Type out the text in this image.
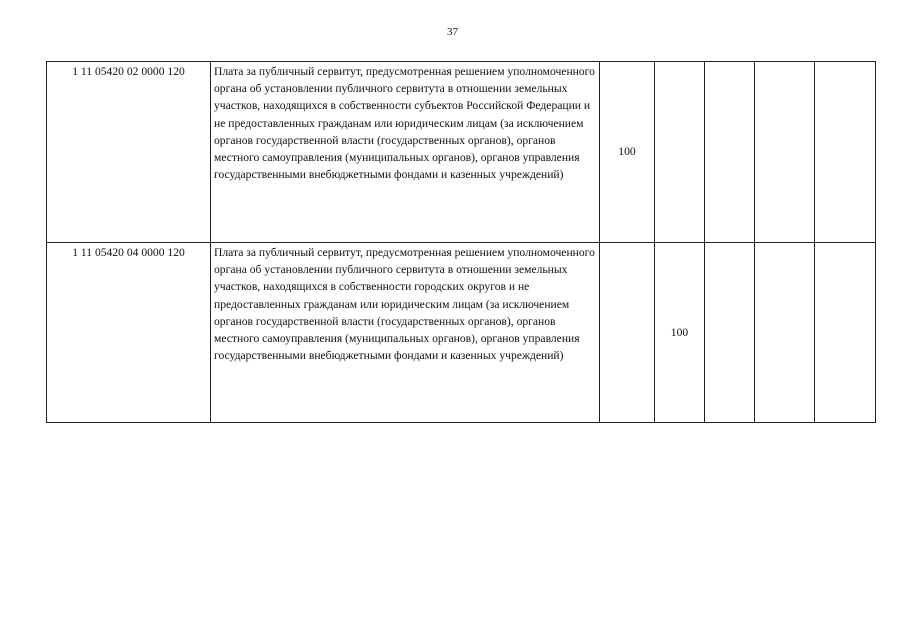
37
1 11 05420 02 0000 120	Плата за публичный сервитут, предусмотренная решением уполномоченного органа об установлении публичного сервитута в отношении земельных участков, находящихся в собственности субъектов Российской Федерации и не предоставленных гражданам или юридическим лицам (за исключением органов государственной власти (государственных органов), органов местного самоуправления (муниципальных органов), органов управления государственными внебюджетными фондами и казенных учреждений)	100				
1 11 05420 04 0000 120	Плата за публичный сервитут, предусмотренная решением уполномоченного органа об установлении публичного сервитута в отношении земельных участков, находящихся в собственности городских округов и не предоставленных гражданам или юридическим лицам (за исключением органов государственной власти (государственных органов), органов местного самоуправления (муниципальных органов), органов управления государственными внебюджетными фондами и казенных учреждений)		100			
